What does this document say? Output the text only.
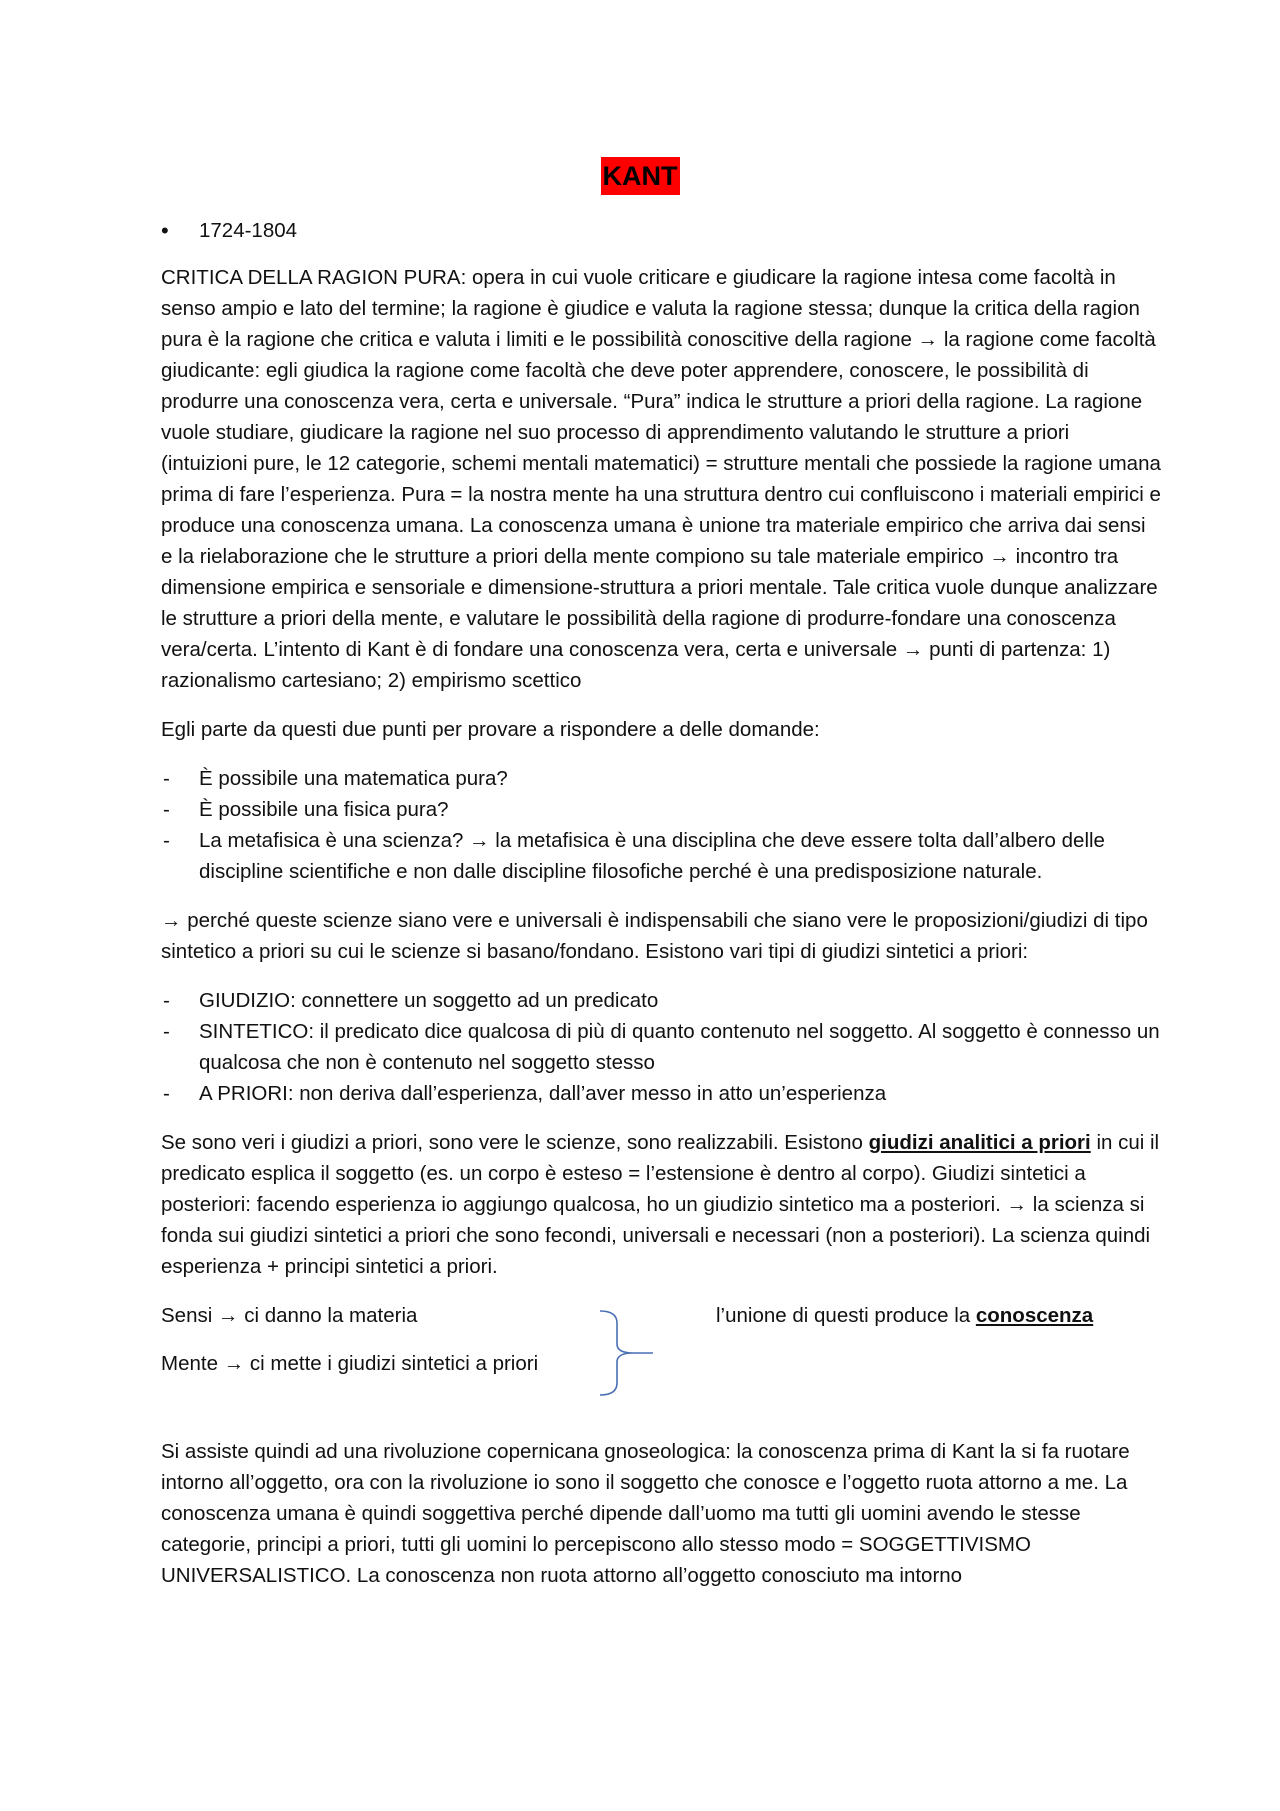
KANT
• 1724-1804

CRITICA DELLA RAGION PURA: opera in cui vuole criticare e giudicare la ragione intesa come facoltà in senso ampio e lato del termine; la ragione è giudice e valuta la ragione stessa; dunque la critica della ragion pura è la ragione che critica e valuta i limiti e le possibilità conoscitive della ragione → la ragione come facoltà giudicante: egli giudica la ragione come facoltà che deve poter apprendere, conoscere, le possibilità di produrre una conoscenza vera, certa e universale. “Pura” indica le strutture a priori della ragione. La ragione vuole studiare, giudicare la ragione nel suo processo di apprendimento valutando le strutture a priori (intuizioni pure, le 12 categorie, schemi mentali matematici) = strutture mentali che possiede la ragione umana prima di fare l’esperienza. Pura = la nostra mente ha una struttura dentro cui confluiscono i materiali empirici e produce una conoscenza umana. La conoscenza umana è unione tra materiale empirico che arriva dai sensi e la rielaborazione che le strutture a priori della mente compiono su tale materiale empirico → incontro tra dimensione empirica e sensoriale e dimensione-struttura a priori mentale. Tale critica vuole dunque analizzare le strutture a priori della mente, e valutare le possibilità della ragione di produrre-fondare una conoscenza vera/certa. L’intento di Kant è di fondare una conoscenza vera, certa e universale → punti di partenza: 1) razionalismo cartesiano; 2) empirismo scettico

Egli parte da questi due punti per provare a rispondere a delle domande:

- È possibile una matematica pura?
- È possibile una fisica pura?
- La metafisica è una scienza? → la metafisica è una disciplina che deve essere tolta dall’albero delle discipline scientifiche e non dalle discipline filosofiche perché è una predisposizione naturale.

→ perché queste scienze siano vere e universali è indispensabili che siano vere le proposizioni/giudizi di tipo sintetico a priori su cui le scienze si basano/fondano. Esistono vari tipi di giudizi sintetici a priori:

- GIUDIZIO: connettere un soggetto ad un predicato
- SINTETICO: il predicato dice qualcosa di più di quanto contenuto nel soggetto. Al soggetto è connesso un qualcosa che non è contenuto nel soggetto stesso
- A PRIORI: non deriva dall’esperienza, dall’aver messo in atto un’esperienza

Se sono veri i giudizi a priori, sono vere le scienze, sono realizzabili. Esistono giudizi analitici a priori in cui il predicato esplica il soggetto (es. un corpo è esteso = l’estensione è dentro al corpo). Giudizi sintetici a posteriori: facendo esperienza io aggiungo qualcosa, ho un giudizio sintetico ma a posteriori. → la scienza si fonda sui giudizi sintetici a priori che sono fecondi, universali e necessari (non a posteriori). La scienza quindi esperienza + principi sintetici a priori.

Sensi → ci danno la materia	l’unione di questi produce la conoscenza
Mente → ci mette i giudizi sintetici a priori

Si assiste quindi ad una rivoluzione copernicana gnoseologica: la conoscenza prima di Kant la si fa ruotare intorno all’oggetto, ora con la rivoluzione io sono il soggetto che conosce e l’oggetto ruota attorno a me. La conoscenza umana è quindi soggettiva perché dipende dall’uomo ma tutti gli uomini avendo le stesse categorie, principi a priori, tutti gli uomini lo percepiscono allo stesso modo = SOGGETTIVISMO UNIVERSALISTICO. La conoscenza non ruota attorno all’oggetto conosciuto ma intorno
